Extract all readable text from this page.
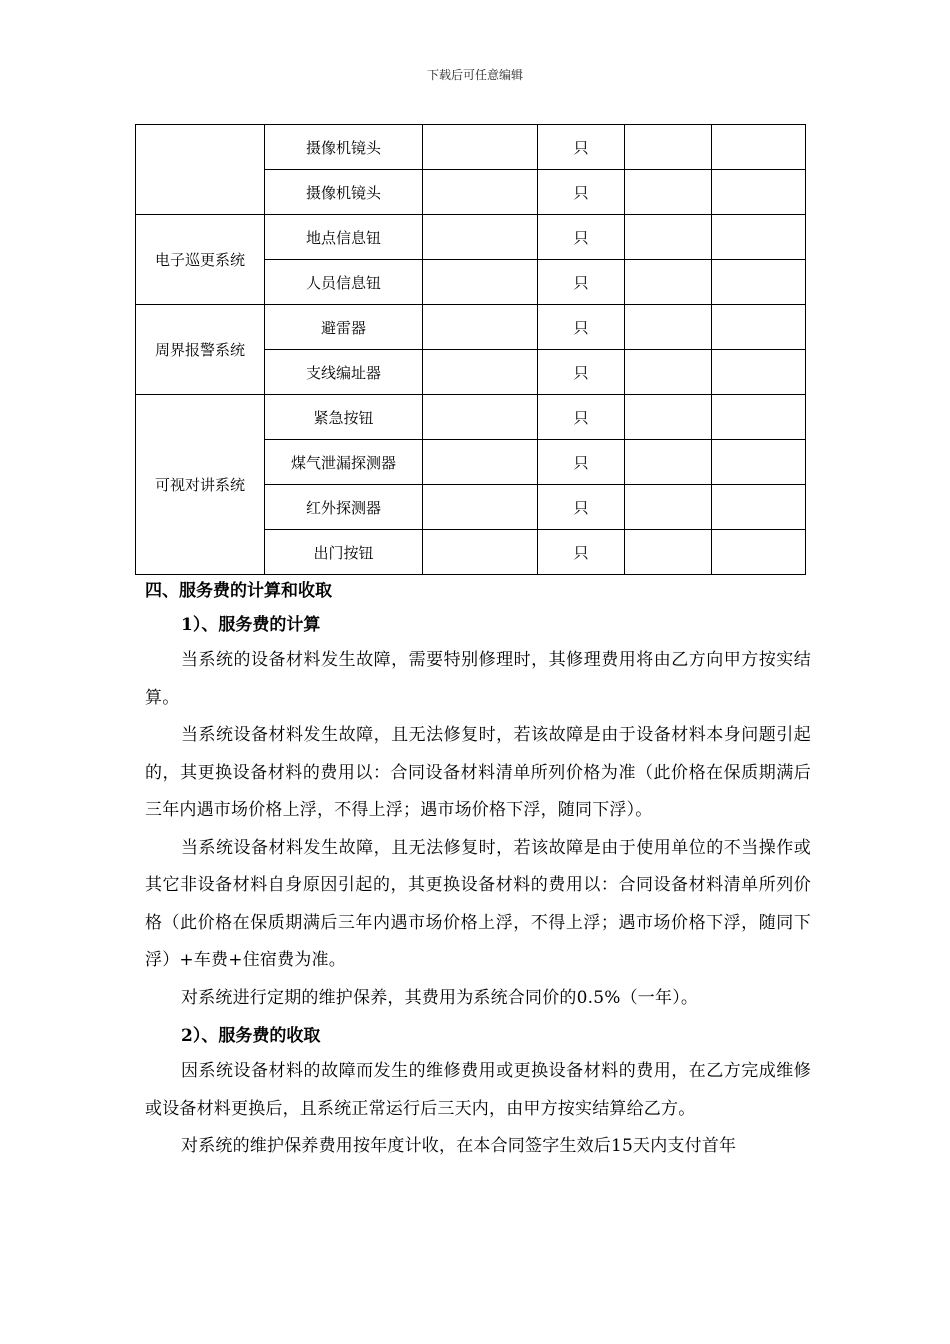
下载后可任意编辑
	摄像机镜头		只		
	摄像机镜头		只		
电子巡更系统	地点信息钮		只		
	人员信息钮		只		
周界报警系统	避雷器		只		
	支线编址器		只		
可视对讲系统	紧急按钮		只		
	煤气泄漏探测器		只		
	红外探测器		只		
	出门按钮		只		
四、服务费的计算和收取
1）、服务费的计算

当系统的设备材料发生故障，需要特别修理时，其修理费用将由乙方向甲方按实结算。

当系统设备材料发生故障，且无法修复时，若该故障是由于设备材料本身问题引起的，其更换设备材料的费用以：合同设备材料清单所列价格为准（此价格在保质期满后三年内遇市场价格上浮，不得上浮；遇市场价格下浮，随同下浮）。

当系统设备材料发生故障，且无法修复时，若该故障是由于使用单位的不当操作或其它非设备材料自身原因引起的，其更换设备材料的费用以：合同设备材料清单所列价格（此价格在保质期满后三年内遇市场价格上浮，不得上浮；遇市场价格下浮，随同下浮）+车费+住宿费为准。

对系统进行定期的维护保养，其费用为系统合同价的0.5%（一年）。

2）、服务费的收取

因系统设备材料的故障而发生的维修费用或更换设备材料的费用，在乙方完成维修或设备材料更换后，且系统正常运行后三天内，由甲方按实结算给乙方。

对系统的维护保养费用按年度计收，在本合同签字生效后15天内支付首年
